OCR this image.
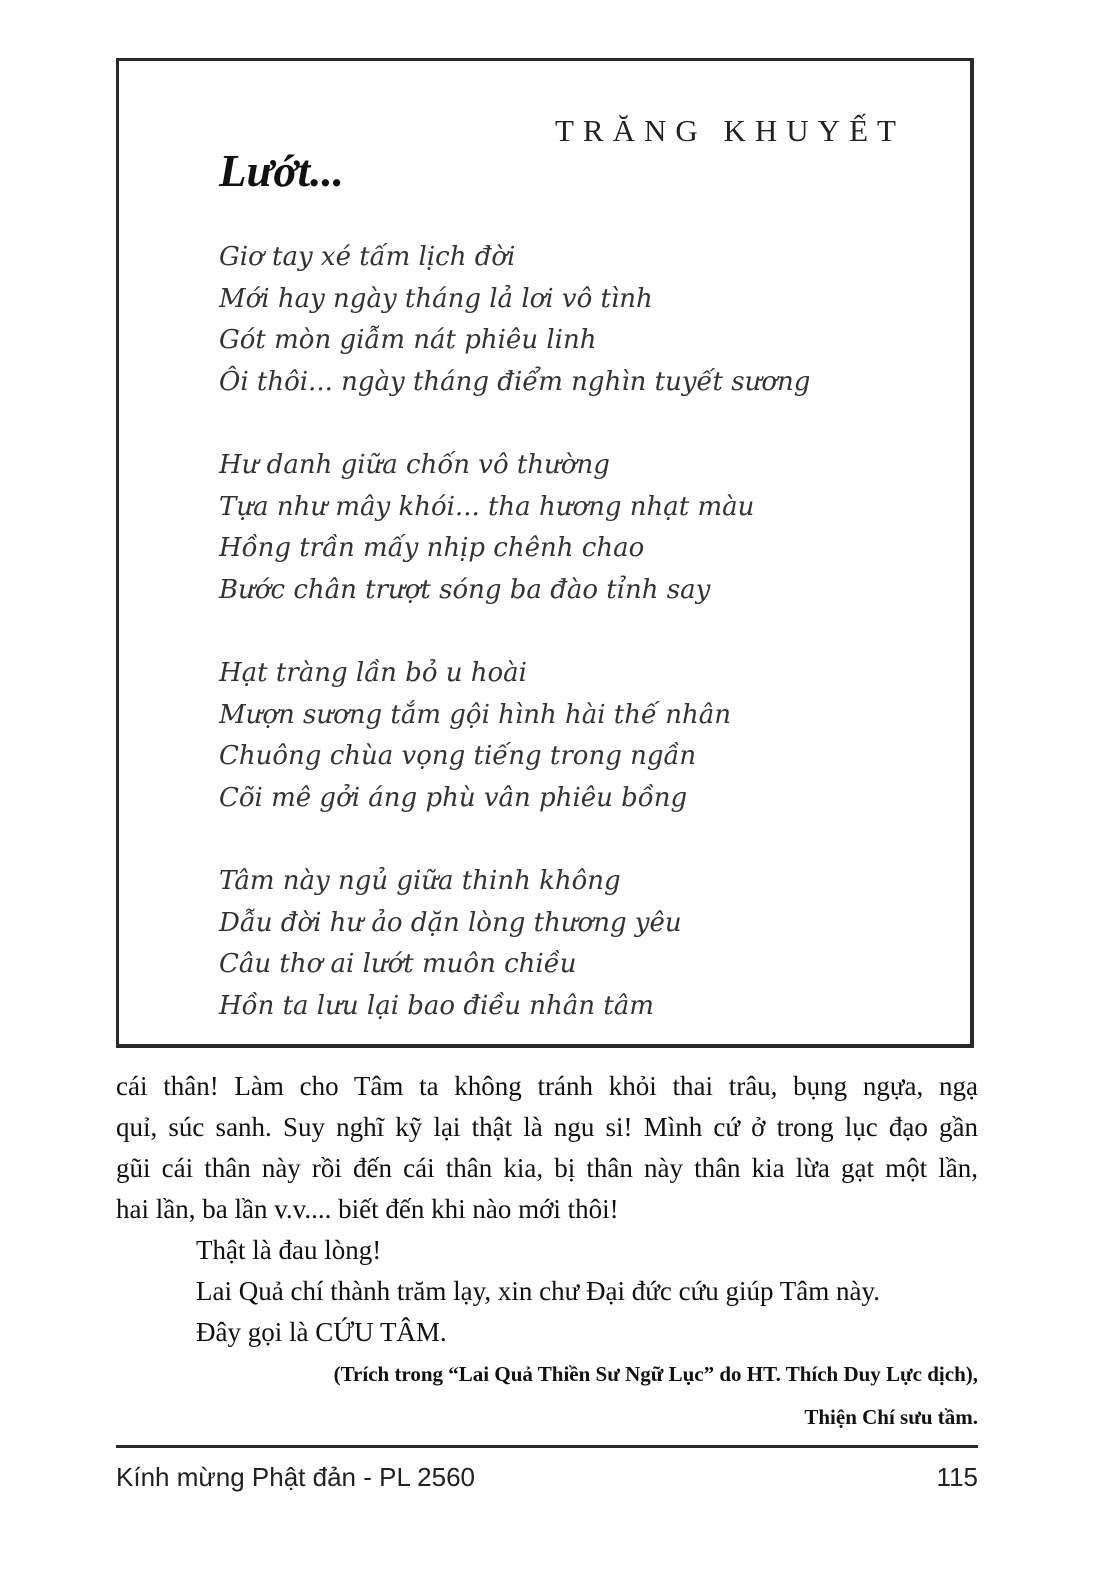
TRĂNG KHUYẾT
Lướt...
Giơ tay xé tấm lịch đời
Mới hay ngày tháng lả lơi vô tình
Gót mòn giẫm nát phiêu linh
Ôi thôi... ngày tháng điểm nghìn tuyết sương
Hư danh giữa chốn vô thường
Tựa như mây khói... tha hương nhạt màu
Hồng trần mấy nhịp chênh chao
Bước chân trượt sóng ba đào tỉnh say
Hạt tràng lần bỏ u hoài
Mượn sương tắm gội hình hài thế nhân
Chuông chùa vọng tiếng trong ngần
Cõi mê gởi áng phù vân phiêu bồng
Tâm này ngủ giữa thinh không
Dẫu đời hư ảo dặn lòng thương yêu
Câu thơ ai lướt muôn chiều
Hồn ta lưu lại bao điều nhân tâm

cái thân! Làm cho Tâm ta không tránh khỏi thai trâu, bụng ngựa, ngạ

quỉ, súc sanh. Suy nghĩ kỹ lại thật là ngu si! Mình cứ ở trong lục đạo gần

gũi cái thân này rồi đến cái thân kia, bị thân này thân kia lừa gạt một lần,

hai lần, ba lần v.v.... biết đến khi nào mới thôi!

Thật là đau lòng!

Lai Quả chí thành trăm lạy, xin chư Đại đức cứu giúp Tâm này.

Đây gọi là CỨU TÂM.

(Trích trong “Lai Quả Thiền Sư Ngữ Lục” do HT. Thích Duy Lực dịch),
Thiện Chí sưu tầm.
Kính mừng Phật đản - PL 2560	115
